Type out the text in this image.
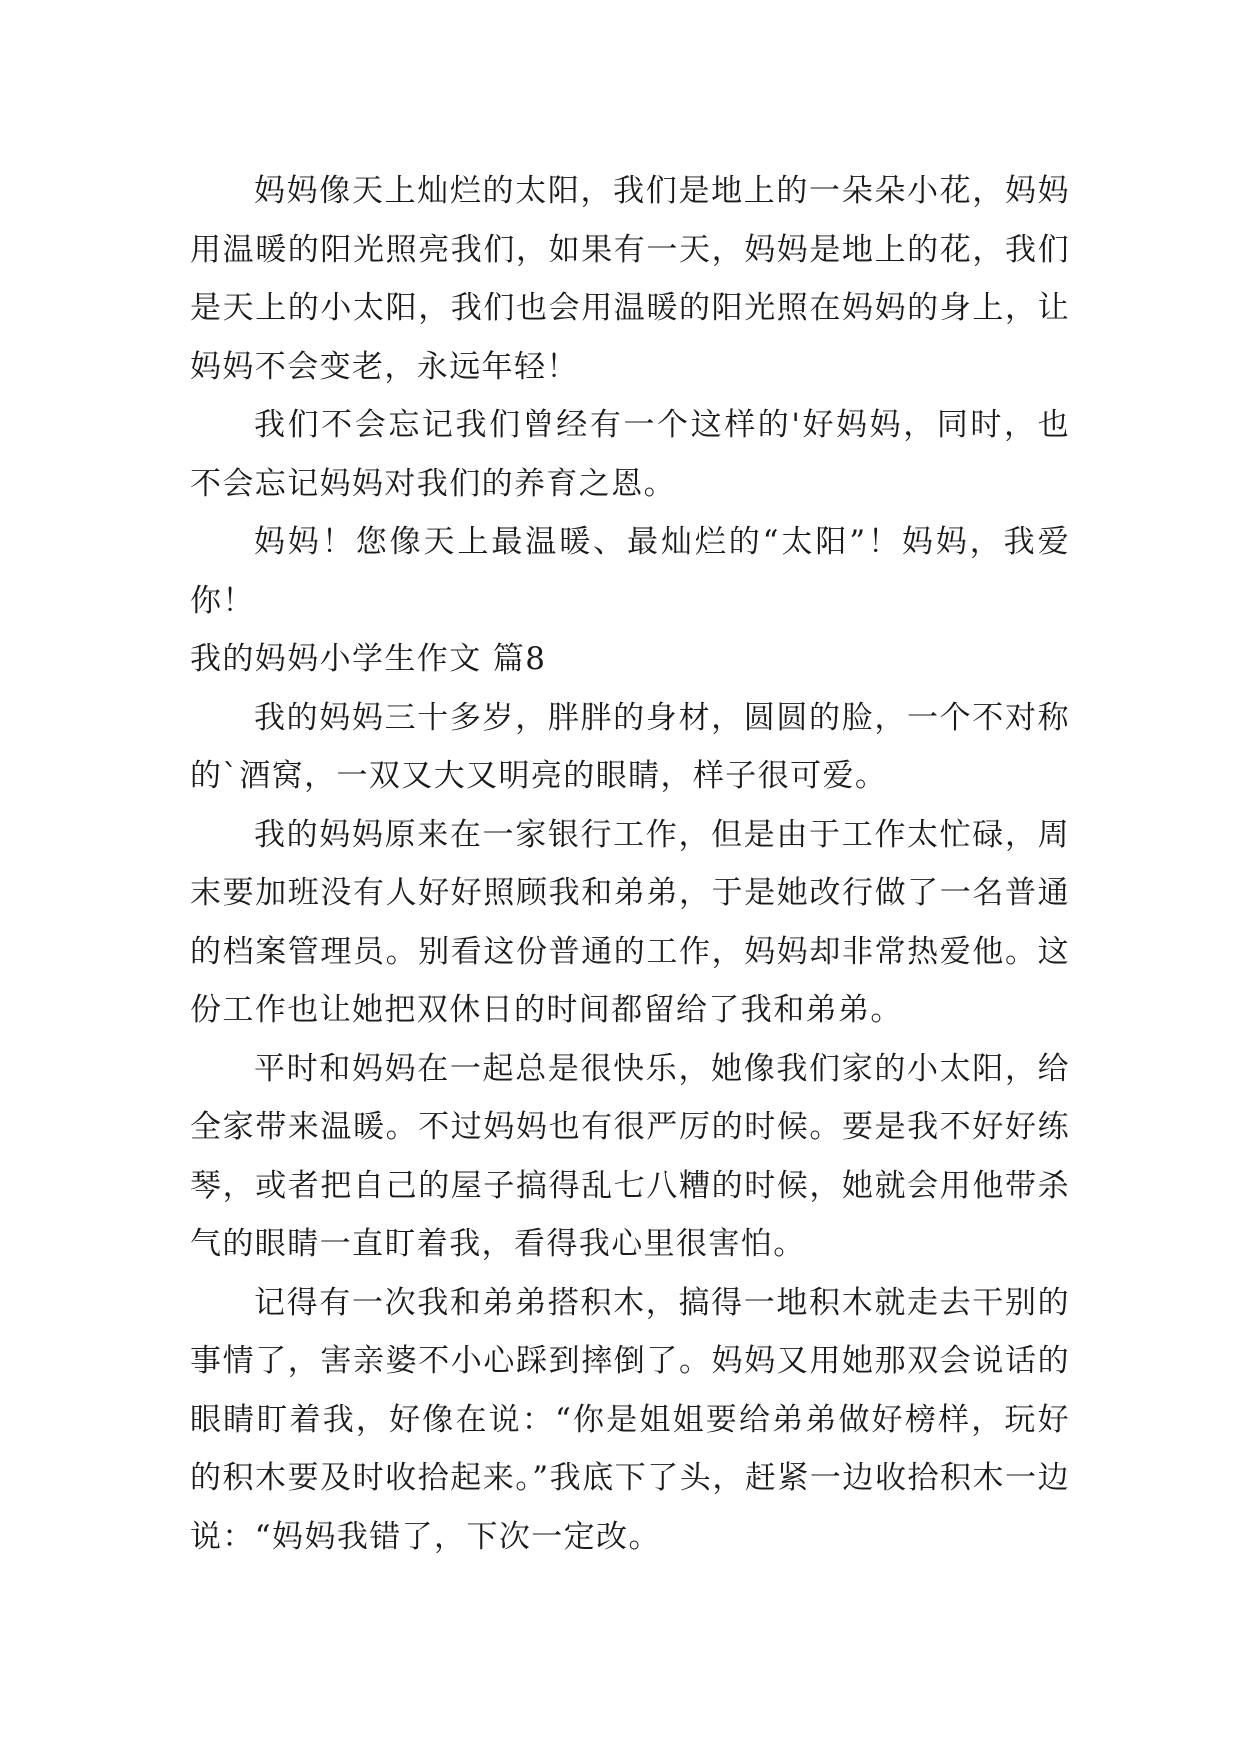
妈妈像天上灿烂的太阳，我们是地上的一朵朵小花，妈妈用温暖的阳光照亮我们，如果有一天，妈妈是地上的花，我们是天上的小太阳，我们也会用温暖的阳光照在妈妈的身上，让妈妈不会变老，永远年轻！

我们不会忘记我们曾经有一个这样的'好妈妈，同时，也不会忘记妈妈对我们的养育之恩。

妈妈！您像天上最温暖、最灿烂的“太阳”！妈妈，我爱你！

我的妈妈小学生作文 篇8

我的妈妈三十多岁，胖胖的身材，圆圆的脸，一个不对称的`酒窝，一双又大又明亮的眼睛，样子很可爱。

我的妈妈原来在一家银行工作，但是由于工作太忙碌，周末要加班没有人好好照顾我和弟弟，于是她改行做了一名普通的档案管理员。别看这份普通的工作，妈妈却非常热爱他。这份工作也让她把双休日的时间都留给了我和弟弟。

平时和妈妈在一起总是很快乐，她像我们家的小太阳，给全家带来温暖。不过妈妈也有很严厉的时候。要是我不好好练琴，或者把自己的屋子搞得乱七八糟的时候，她就会用他带杀气的眼睛一直盯着我，看得我心里很害怕。

记得有一次我和弟弟搭积木，搞得一地积木就走去干别的事情了，害亲婆不小心踩到摔倒了。妈妈又用她那双会说话的眼睛盯着我，好像在说：“你是姐姐要给弟弟做好榜样，玩好的积木要及时收拾起来。”我底下了头，赶紧一边收拾积木一边说：“妈妈我错了，下次一定改。
